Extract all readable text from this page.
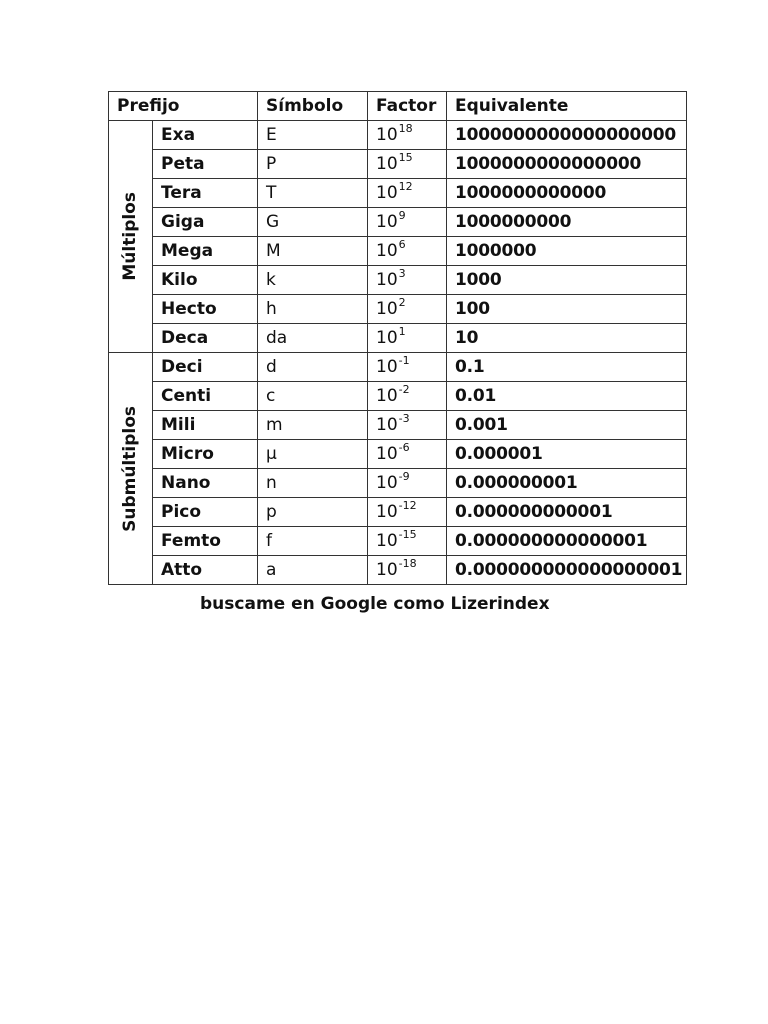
Prefijo		Símbolo	Factor	Equivalente

Múltiplos	Exa	E	$10^{18}$	1000000000000000000
	Peta	P	$10^{15}$	1000000000000000
	Tera	T	$10^{12}$	1000000000000
	Giga	G	$10^9$	1000000000
	Mega	M	$10^6$	1000000
	Kilo	k	$10^3$	1000
	Hecto	h	$10^2$	100
	Deca	da	$10^1$	10

Submúltiplos	Deci	d	$10^{-1}$	0.1
	Centi	c	$10^{-2}$	0.01
	Mili	m	$10^{-3}$	0.001
	Micro	µ	$10^{-6}$	0.000001
	Nano	n	$10^{-9}$	0.000000001
	Pico	p	$10^{-12}$	0.000000000001
	Femto	f	$10^{-15}$	0.000000000000001
	Atto	a	$10^{-18}$	0.000000000000000001
buscame en Google como Lizerindex
